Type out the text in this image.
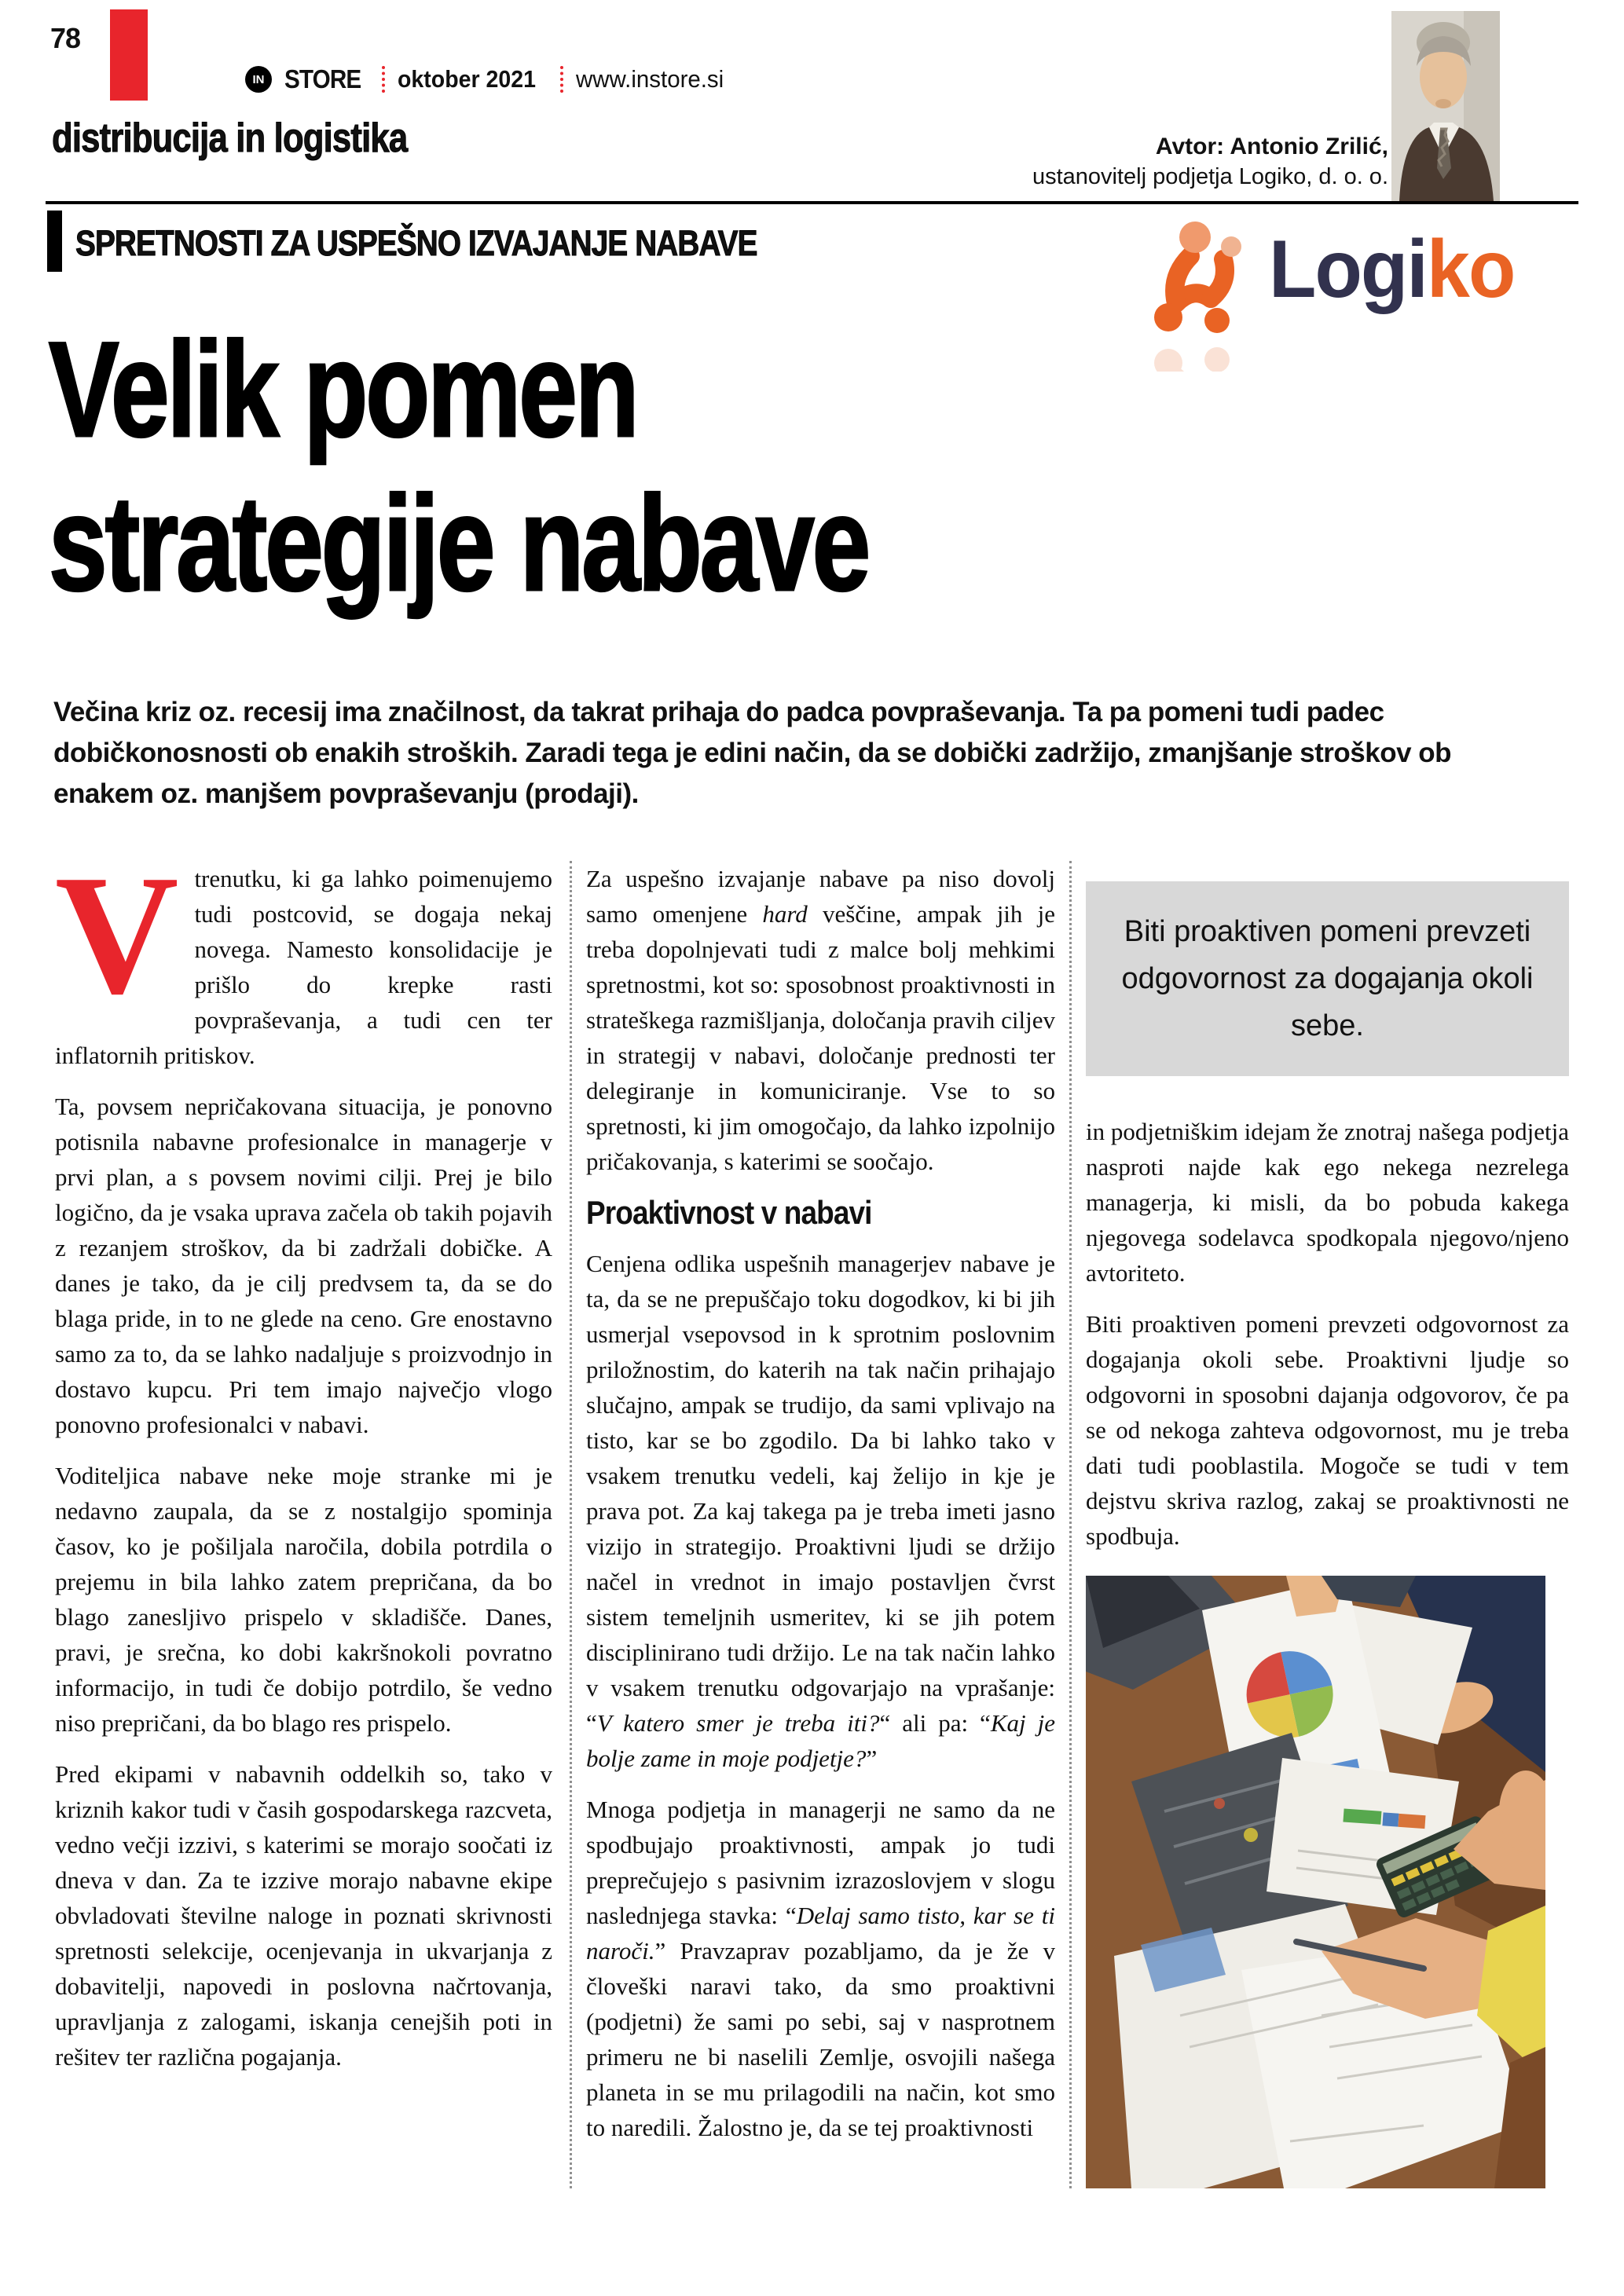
78
IN STORE oktober 2021 www.instore.si
distribucija in logistika	Avtor: Antonio Zrilić,
ustanovitelj podjetja Logiko, d. o. o.
SPRETNOSTI ZA USPEŠNO IZVAJANJE NABAVE	Logiko
Velik pomen
strategije nabave

Večina kriz oz. recesij ima značilnost, da takrat prihaja do padca povpraševanja. Ta pa pomeni tudi padec dobičkonosnosti ob enakih stroških. Zaradi tega je edini način, da se dobički zadržijo, zmanjšanje stroškov ob enakem oz. manjšem povpraševanju (prodaji).

Vtrenutku, ki ga lahko poimenujemo tudi postcovid, se dogaja nekaj novega. Namesto konsolidacije je prišlo do krepke rasti povpraševanja, a tudi cen ter inflatornih pritiskov.

Ta, povsem nepričakovana situacija, je ponovno potisnila nabavne profesionalce in managerje v prvi plan, a s povsem novimi cilji. Prej je bilo logično, da je vsaka uprava začela ob takih pojavih z rezanjem stroškov, da bi zadržali dobičke. A danes je tako, da je cilj predvsem ta, da se do blaga pride, in to ne glede na ceno. Gre enostavno samo za to, da se lahko nadaljuje s proizvodnjo in dostavo kupcu. Pri tem imajo največjo vlogo ponovno profesionalci v nabavi.

Voditeljica nabave neke moje stranke mi je nedavno zaupala, da se z nostalgijo spominja časov, ko je pošiljala naročila, dobila potrdila o prejemu in bila lahko zatem prepričana, da bo blago zanesljivo prispelo v skladišče. Danes, pravi, je srečna, ko dobi kakršnokoli povratno informacijo, in tudi če dobijo potrdilo, še vedno niso prepričani, da bo blago res prispelo.

Pred ekipami v nabavnih oddelkih so, tako v kriznih kakor tudi v časih gospodarskega razcveta, vedno večji izzivi, s katerimi se morajo soočati iz dneva v dan. Za te izzive morajo nabavne ekipe obvladovati številne naloge in poznati skrivnosti spretnosti selekcije, ocenjevanja in ukvarjanja z dobavitelji, napovedi in poslovna načrtovanja, upravljanja z zalogami, iskanja cenejših poti in rešitev ter različna pogajanja.

Za uspešno izvajanje nabave pa niso dovolj samo omenjene hard veščine, ampak jih je treba dopolnjevati tudi z malce bolj mehkimi spretnostmi, kot so: sposobnost proaktivnosti in strateškega razmišljanja, določanja pravih ciljev in strategij v nabavi, določanje prednosti ter delegiranje in komuniciranje. Vse to so spretnosti, ki jim omogočajo, da lahko izpolnijo pričakovanja, s katerimi se soočajo.

Proaktivnost v nabavi

Cenjena odlika uspešnih managerjev nabave je ta, da se ne prepuščajo toku dogodkov, ki bi jih usmerjal vsepovsod in k sprotnim poslovnim priložnostim, do katerih na tak način prihajajo slučajno, ampak se trudijo, da sami vplivajo na tisto, kar se bo zgodilo. Da bi lahko tako v vsakem trenutku vedeli, kaj želijo in kje je prava pot. Za kaj takega pa je treba imeti jasno vizijo in strategijo. Proaktivni ljudi se držijo načel in vrednot in imajo postavljen čvrst sistem temeljnih usmeritev, ki se jih potem disciplinirano tudi držijo. Le na tak način lahko v vsakem trenutku odgovarjajo na vprašanje: “V katero smer je treba iti?“ ali pa: “Kaj je bolje zame in moje podjetje?”

Mnoga podjetja in managerji ne samo da ne spodbujajo proaktivnosti, ampak jo tudi preprečujejo s pasivnim izrazoslovjem v slogu naslednjega stavka: “Delaj samo tisto, kar se ti naroči.” Pravzaprav pozabljamo, da je že v človeški naravi tako, da smo proaktivni (podjetni) že sami po sebi, saj v nasprotnem primeru ne bi naselili Zemlje, osvojili našega planeta in se mu prilagodili na način, kot smo to naredili. Žalostno je, da se tej proaktivnosti

Biti proaktiven pomeni prevzeti odgovornost za dogajanja okoli sebe.

in podjetniškim idejam že znotraj našega podjetja nasproti najde kak ego nekega nezrelega managerja, ki misli, da bo pobuda kakega njegovega sodelavca spodkopala njegovo/njeno avtoriteto.

Biti proaktiven pomeni prevzeti odgovornost za dogajanja okoli sebe. Proaktivni ljudje so odgovorni in sposobni dajanja odgovorov, če pa se od nekoga zahteva odgovornost, mu je treba dati tudi pooblastila. Mogoče se tudi v tem dejstvu skriva razlog, zakaj se proaktivnosti ne spodbuja.
